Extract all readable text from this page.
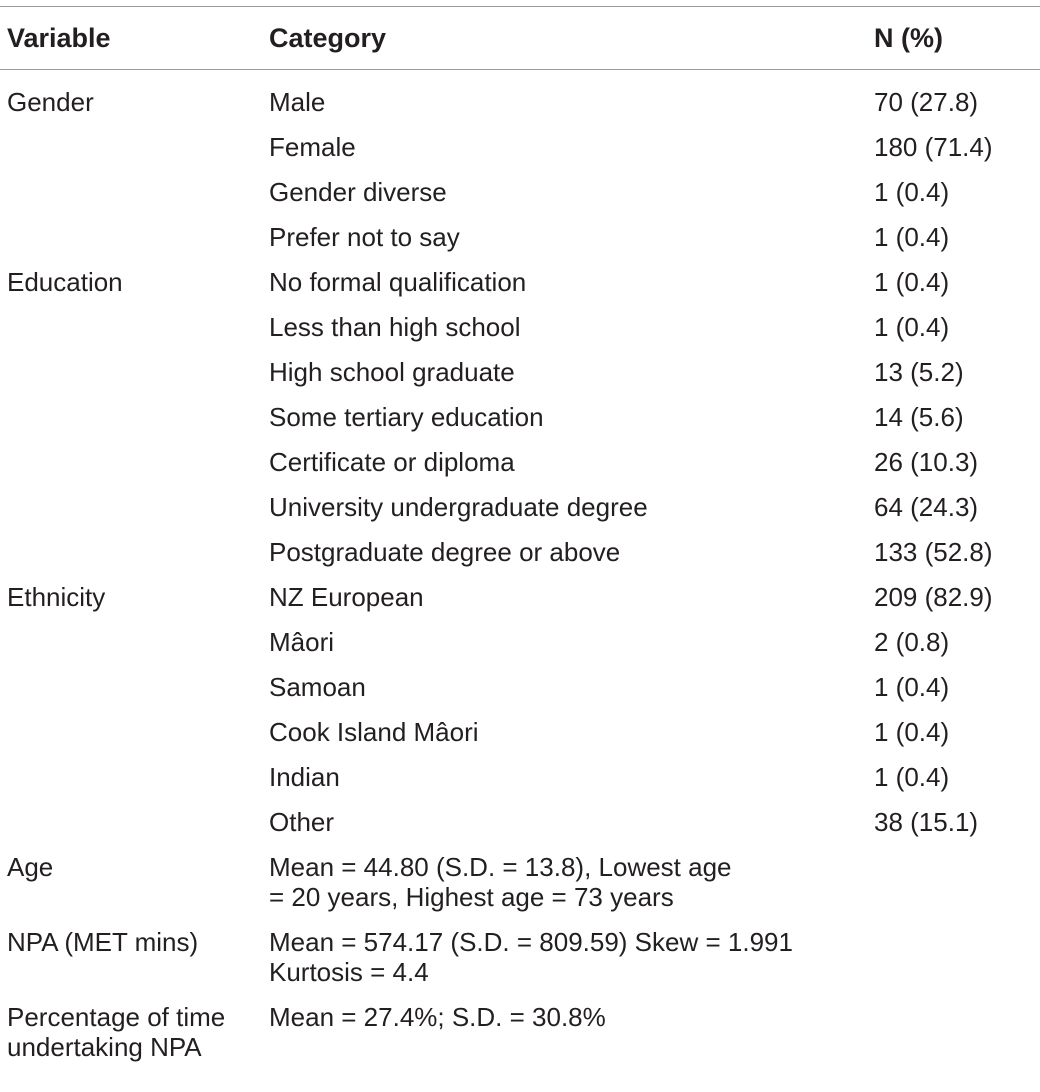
Variable	Category	N (%)
Gender	Male	70 (27.8)
	Female	180 (71.4)
	Gender diverse	1 (0.4)
	Prefer not to say	1 (0.4)
Education	No formal qualification	1 (0.4)
	Less than high school	1 (0.4)
	High school graduate	13 (5.2)
	Some tertiary education	14 (5.6)
	Certificate or diploma	26 (10.3)
	University undergraduate degree	64 (24.3)
	Postgraduate degree or above	133 (52.8)
Ethnicity	NZ European	209 (82.9)
	Mâori	2 (0.8)
	Samoan	1 (0.4)
	Cook Island Mâori	1 (0.4)
	Indian	1 (0.4)
	Other	38 (15.1)
Age	Mean = 44.80 (S.D. = 13.8), Lowest age = 20 years, Highest age = 73 years	

NPA (MET mins)	Mean = 574.17 (S.D. = 809.59) Skew = 1.991 Kurtosis = 4.4	

Percentage of time undertaking NPA	Mean = 27.4%; S.D. = 30.8%	
